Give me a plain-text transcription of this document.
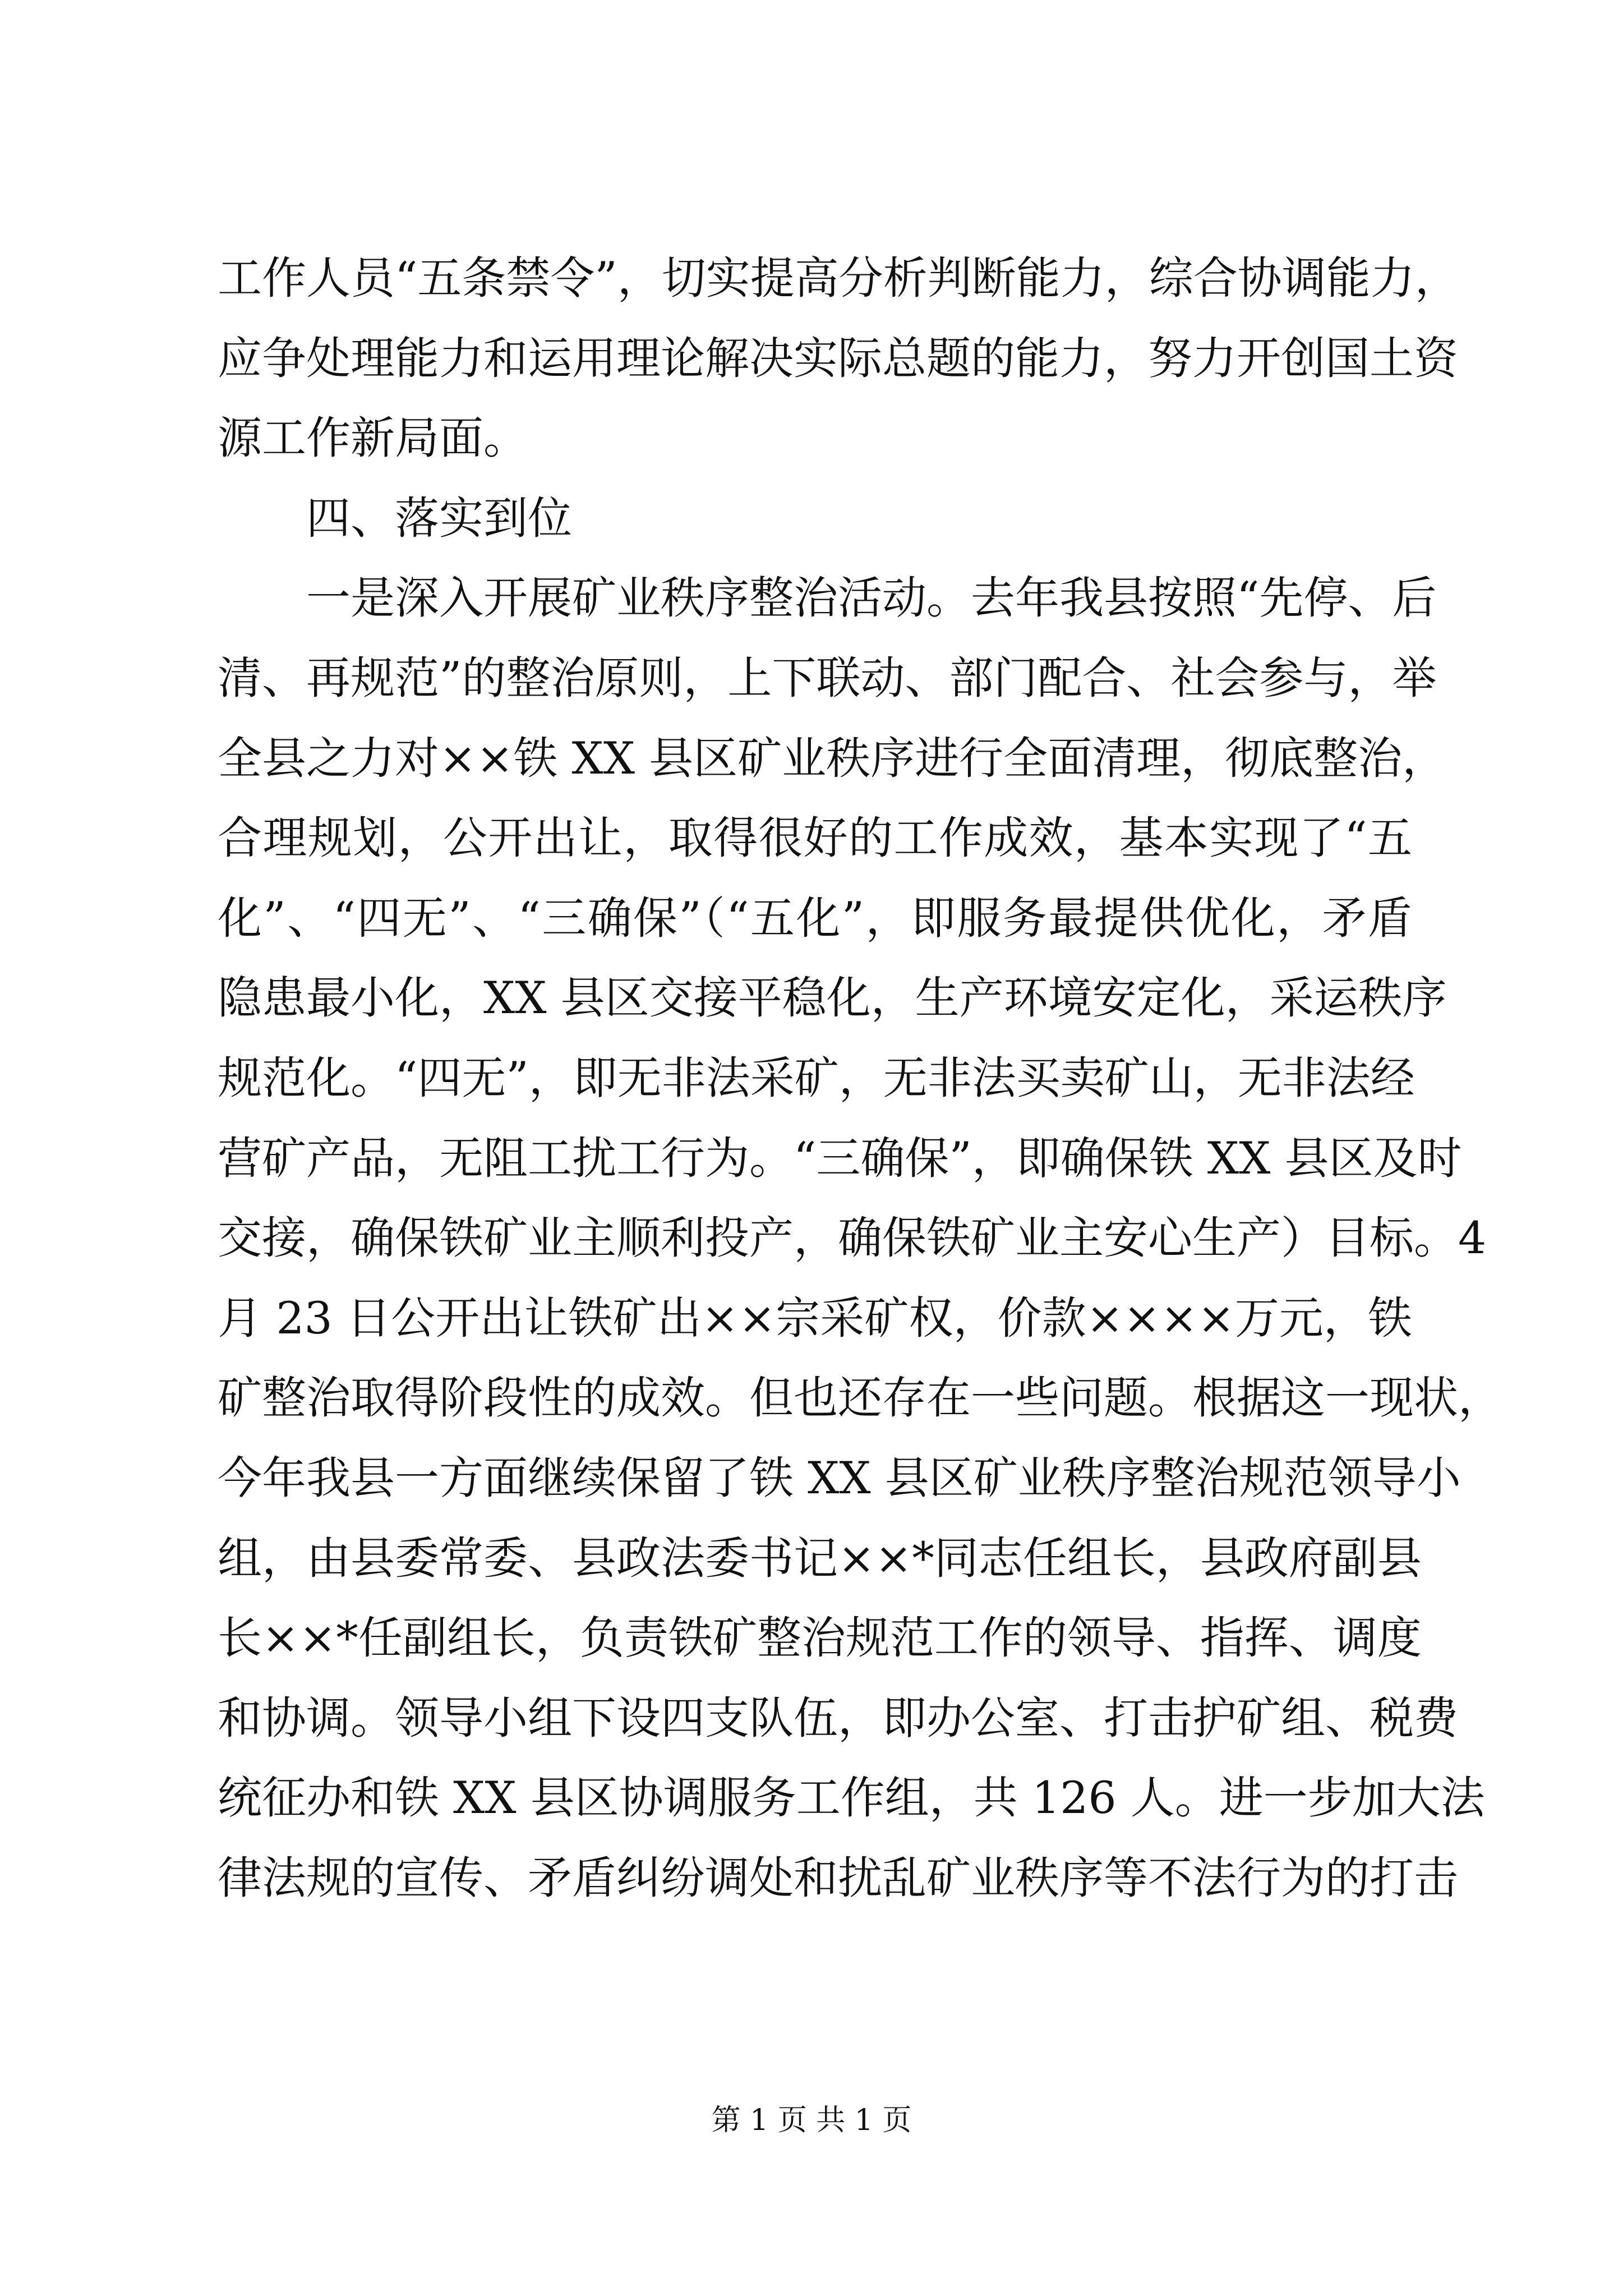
工作人员“五条禁令”，切实提高分析判断能力，综合协调能力，
应争处理能力和运用理论解决实际总题的能力，努力开创国土资
源工作新局面。
四、落实到位
一是深入开展矿业秩序整治活动。去年我县按照“先停、后
清、再规范”的整治原则，上下联动、部门配合、社会参与，举
全县之力对××铁 XX 县区矿业秩序进行全面清理，彻底整治，
合理规划，公开出让，取得很好的工作成效，基本实现了“五
化”、“四无”、“三确保”（“五化”，即服务最提供优化，矛盾
隐患最小化，XX 县区交接平稳化，生产环境安定化，采运秩序
规范化。“四无”，即无非法采矿，无非法买卖矿山，无非法经
营矿产品，无阻工扰工行为。“三确保”，即确保铁 XX 县区及时
交接，确保铁矿业主顺利投产，确保铁矿业主安心生产）目标。4
月 23 日公开出让铁矿出××宗采矿权，价款××××万元，铁
矿整治取得阶段性的成效。但也还存在一些问题。根据这一现状，
今年我县一方面继续保留了铁 XX 县区矿业秩序整治规范领导小
组，由县委常委、县政法委书记××*同志任组长，县政府副县
长××*任副组长，负责铁矿整治规范工作的领导、指挥、调度
和协调。领导小组下设四支队伍，即办公室、打击护矿组、税费
统征办和铁 XX 县区协调服务工作组，共 126 人。进一步加大法
律法规的宣传、矛盾纠纷调处和扰乱矿业秩序等不法行为的打击
第 1 页 共 1 页
